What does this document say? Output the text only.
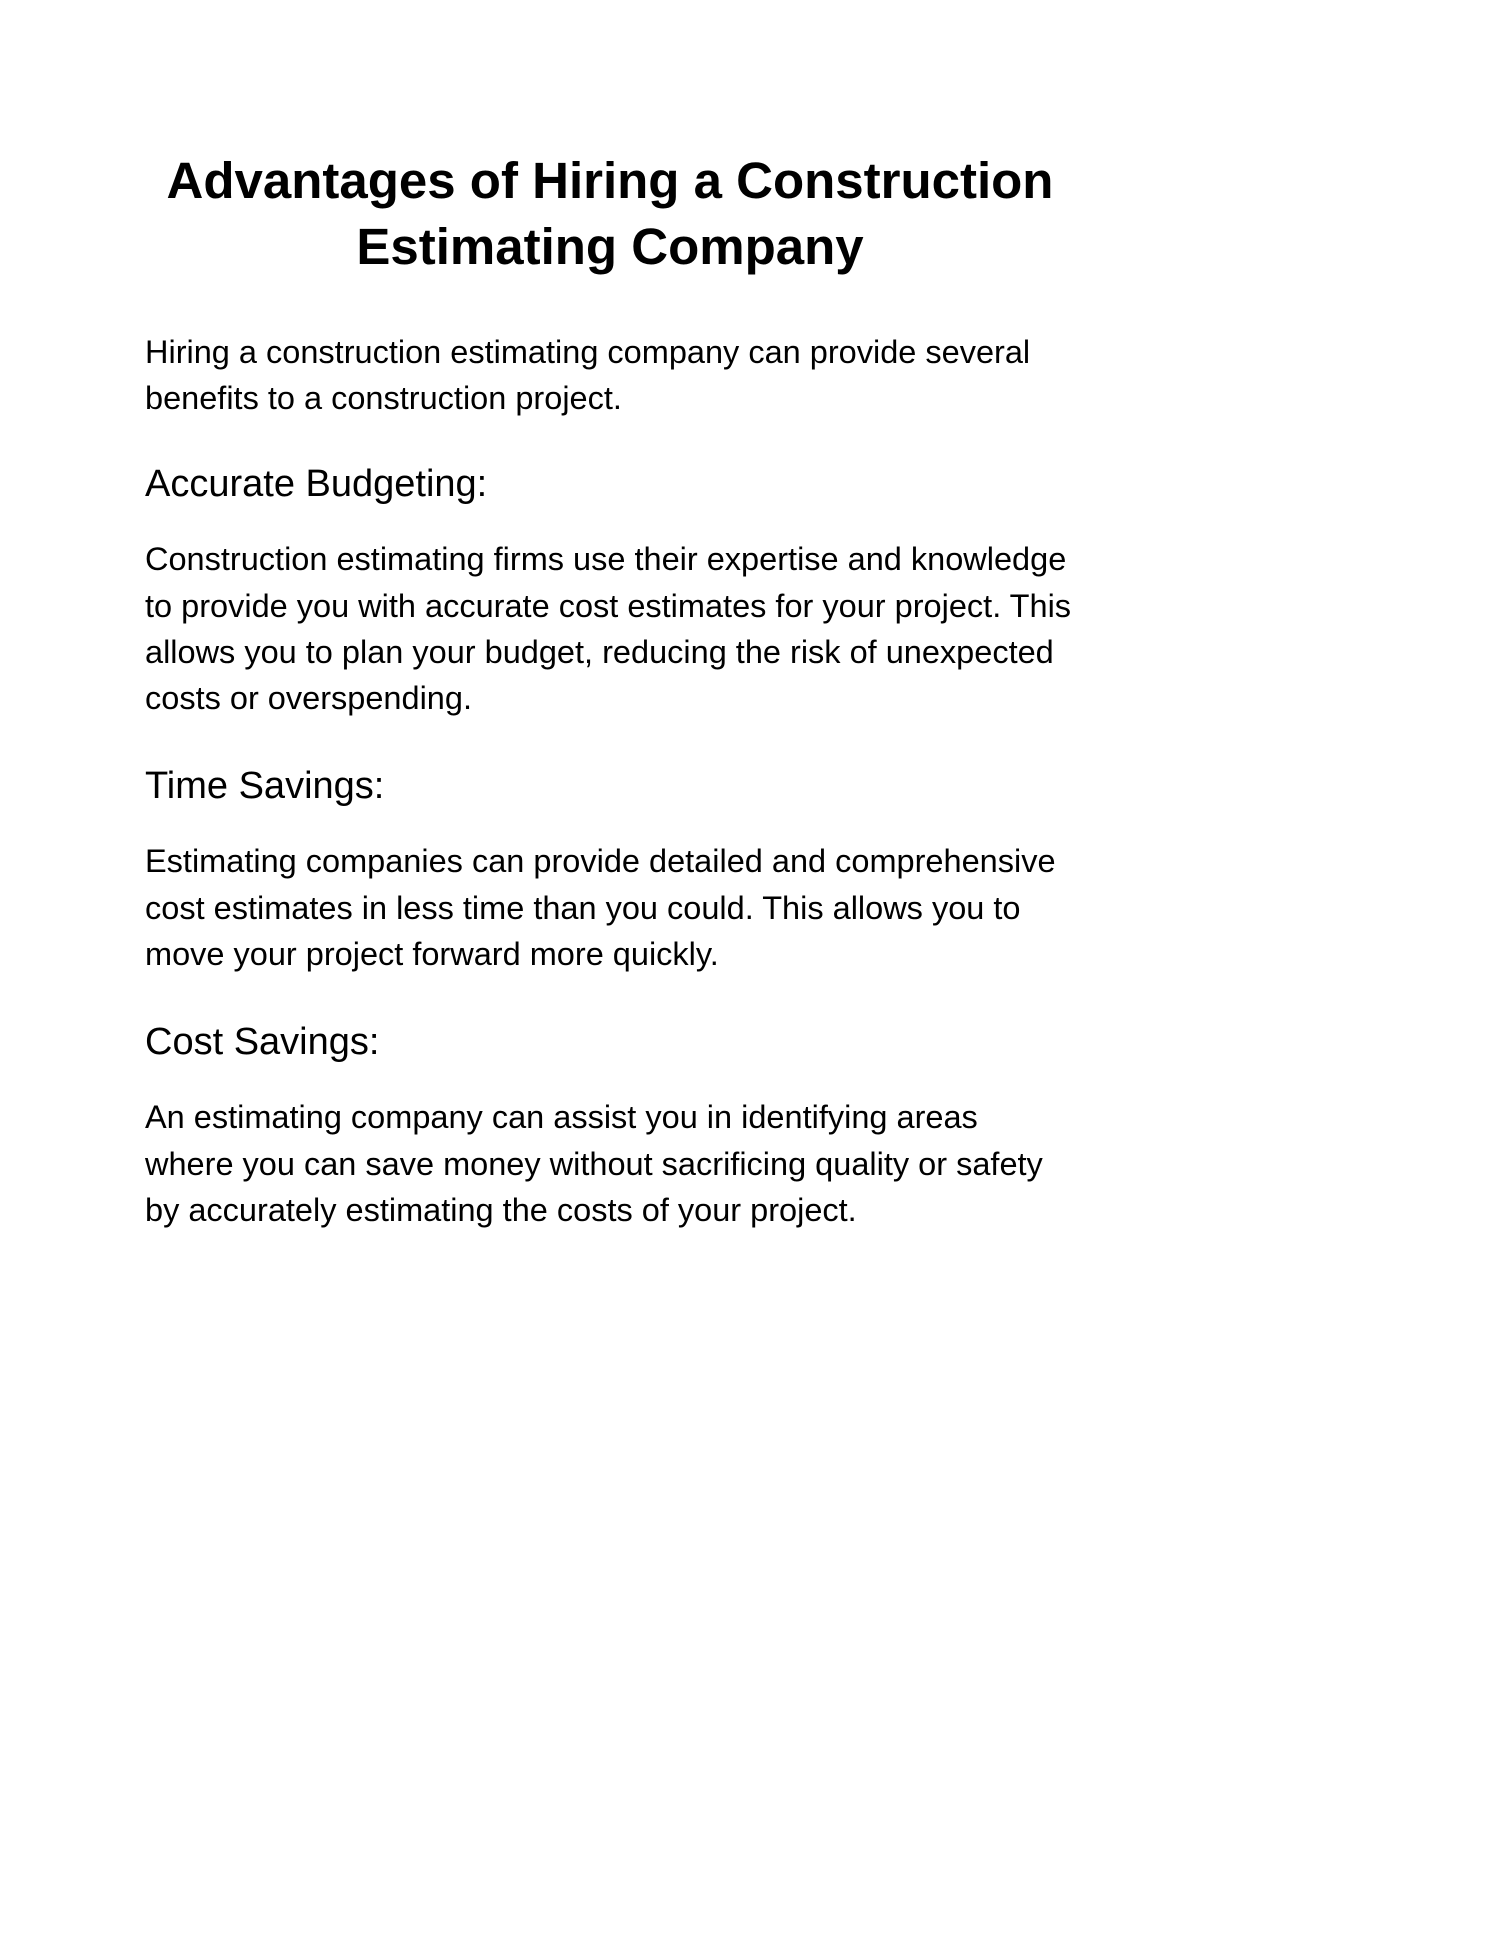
Advantages of Hiring a Construction Estimating Company

Hiring a construction estimating company can provide several benefits to a construction project.

Accurate Budgeting:

Construction estimating firms use their expertise and knowledge to provide you with accurate cost estimates for your project. This allows you to plan your budget, reducing the risk of unexpected costs or overspending.

Time Savings:

Estimating companies can provide detailed and comprehensive cost estimates in less time than you could. This allows you to move your project forward more quickly.

Cost Savings:

An estimating company can assist you in identifying areas where you can save money without sacrificing quality or safety by accurately estimating the costs of your project.
